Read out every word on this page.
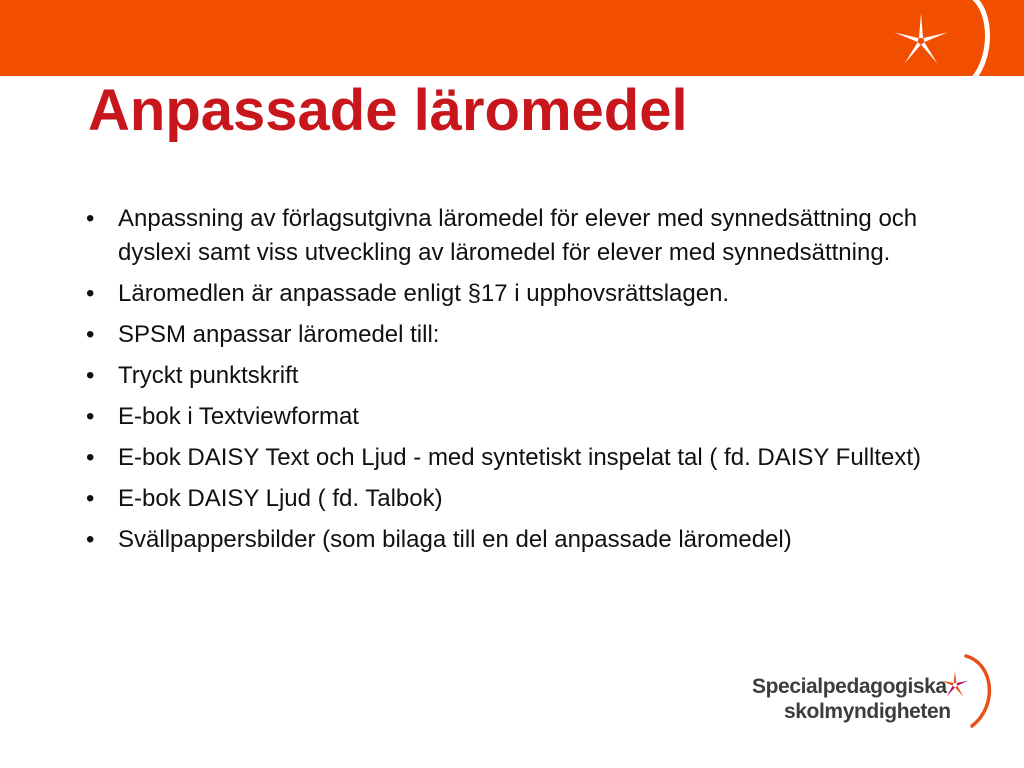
Anpassade läromedel
• Anpassning av förlagsutgivna läromedel för elever med synnedsättning och dyslexi samt viss utveckling av läromedel för elever med synnedsättning.
• Läromedlen är anpassade enligt §17 i upphovsrättslagen.
• SPSM anpassar läromedel till:
• Tryckt punktskrift
• E-bok i Textviewformat
• E-bok DAISY Text och Ljud - med syntetiskt inspelat tal ( fd. DAISY Fulltext)
• E-bok DAISY Ljud ( fd. Talbok)
• Svällpappersbilder (som bilaga till en del anpassade läromedel)
Specialpedagogiska
skolmyndigheten
